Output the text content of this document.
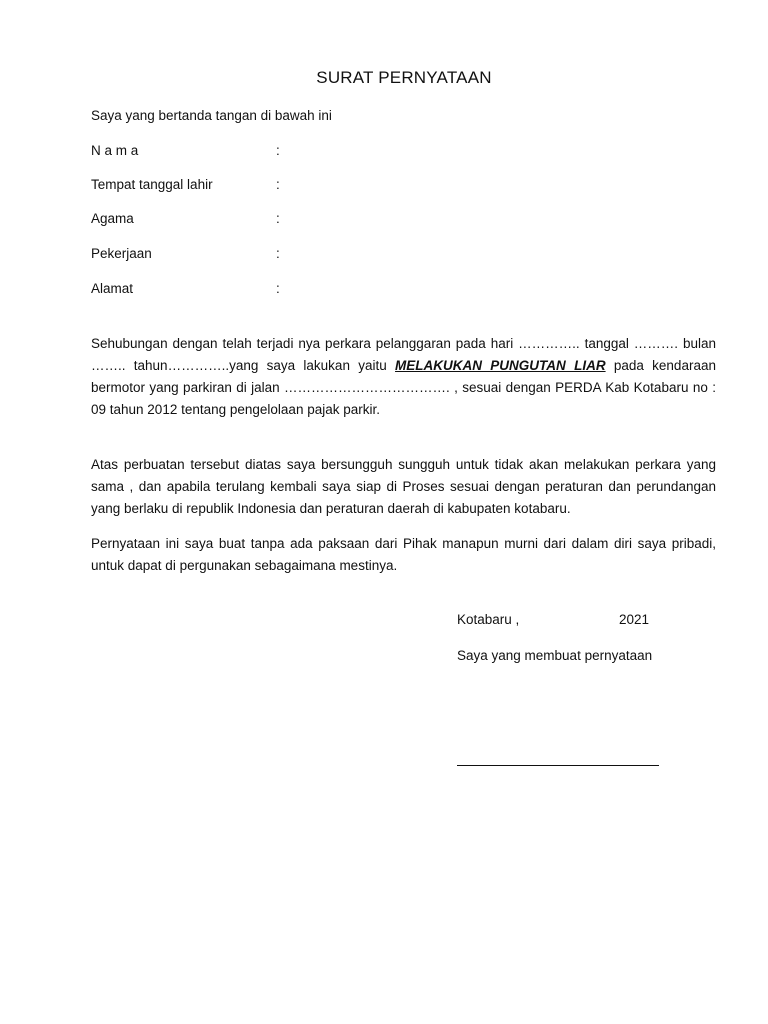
SURAT PERNYATAAN
Saya yang bertanda tangan di bawah ini
N a m a	:
Tempat tanggal lahir	:
Agama	:
Pekerjaan	:
Alamat	:
Sehubungan dengan telah terjadi nya perkara pelanggaran pada hari ………….. tanggal ………. bulan …….. tahun…………..yang saya lakukan yaitu MELAKUKAN PUNGUTAN LIAR pada kendaraan bermotor yang parkiran di jalan ………………………………. , sesuai dengan PERDA Kab Kotabaru no : 09 tahun 2012 tentang pengelolaan pajak parkir.
Atas perbuatan tersebut diatas saya bersungguh sungguh untuk tidak akan melakukan perkara yang sama , dan apabila terulang kembali saya siap di Proses sesuai dengan peraturan dan perundangan yang berlaku di republik Indonesia dan peraturan daerah di kabupaten kotabaru.
Pernyataan ini saya buat tanpa ada paksaan dari Pihak manapun murni dari dalam diri saya pribadi, untuk dapat di pergunakan sebagaimana mestinya.
Kotabaru ,	2021
Saya yang membuat pernyataan
